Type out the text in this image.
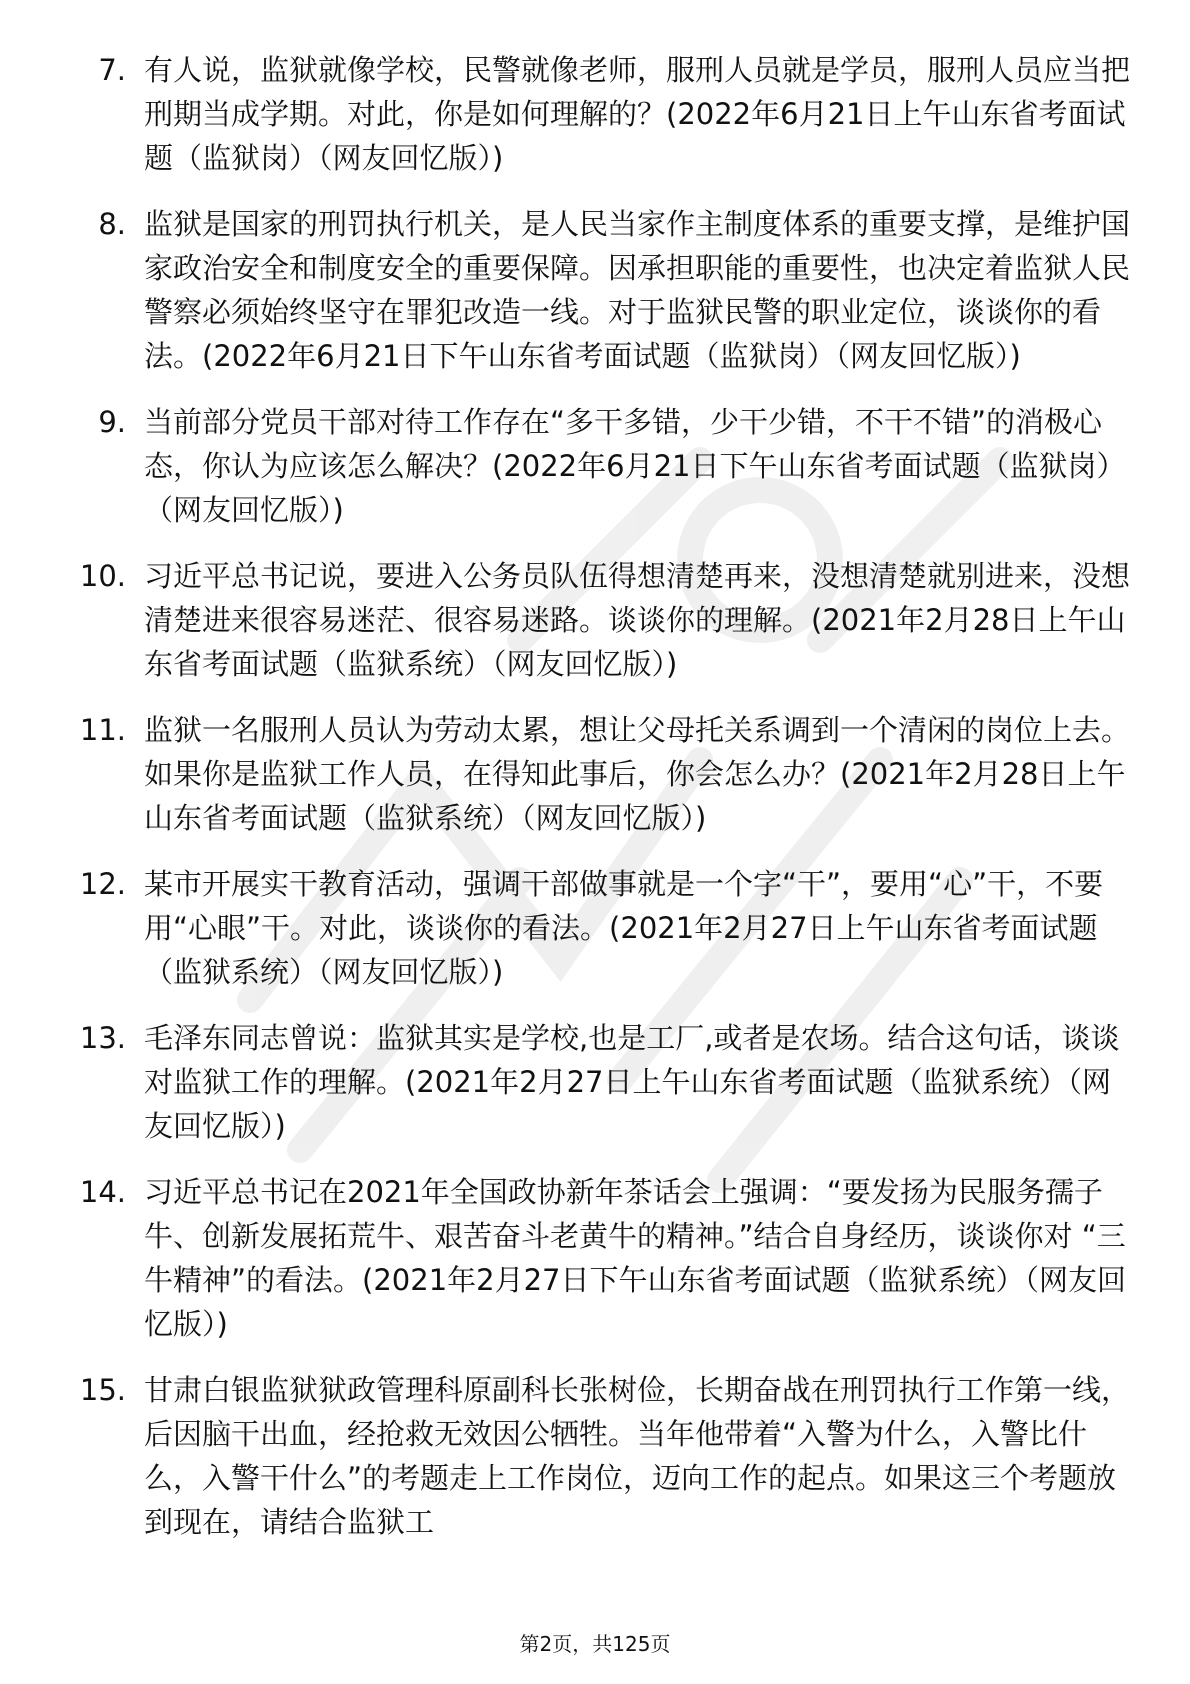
7. 有人说，监狱就像学校，民警就像老师，服刑人员就是学员，服刑人员应当把刑期当成学期。对此，你是如何理解的？(2022年6月21日上午山东省考面试题（监狱岗）（网友回忆版）)
8. 监狱是国家的刑罚执行机关，是人民当家作主制度体系的重要支撑，是维护国家政治安全和制度安全的重要保障。因承担职能的重要性，也决定着监狱人民警察必须始终坚守在罪犯改造一线。对于监狱民警的职业定位，谈谈你的看法。(2022年6月21日下午山东省考面试题（监狱岗）（网友回忆版）)
9. 当前部分党员干部对待工作存在“多干多错，少干少错，不干不错”的消极心态，你认为应该怎么解决？(2022年6月21日下午山东省考面试题（监狱岗）（网友回忆版）)
10. 习近平总书记说，要进入公务员队伍得想清楚再来，没想清楚就别进来，没想清楚进来很容易迷茫、很容易迷路。谈谈你的理解。(2021年2月28日上午山东省考面试题（监狱系统）（网友回忆版）)
11. 监狱一名服刑人员认为劳动太累，想让父母托关系调到一个清闲的岗位上去。如果你是监狱工作人员，在得知此事后，你会怎么办？(2021年2月28日上午山东省考面试题（监狱系统）（网友回忆版）)
12. 某市开展实干教育活动，强调干部做事就是一个字“干”，要用“心”干，不要用“心眼”干。对此，谈谈你的看法。(2021年2月27日上午山东省考面试题（监狱系统）（网友回忆版）)
13. 毛泽东同志曾说：监狱其实是学校,也是工厂,或者是农场。结合这句话，谈谈对监狱工作的理解。(2021年2月27日上午山东省考面试题（监狱系统）（网友回忆版）)
14. 习近平总书记在2021年全国政协新年茶话会上强调：“要发扬为民服务孺子牛、创新发展拓荒牛、艰苦奋斗老黄牛的精神。”结合自身经历，谈谈你对 “三牛精神”的看法。(2021年2月27日下午山东省考面试题（监狱系统）（网友回忆版）)
15. 甘肃白银监狱狱政管理科原副科长张树俭，长期奋战在刑罚执行工作第一线，后因脑干出血，经抢救无效因公牺牲。当年他带着“入警为什么，入警比什么，入警干什么”的考题走上工作岗位，迈向工作的起点。如果这三个考题放到现在，请结合监狱工
第2页，共125页
